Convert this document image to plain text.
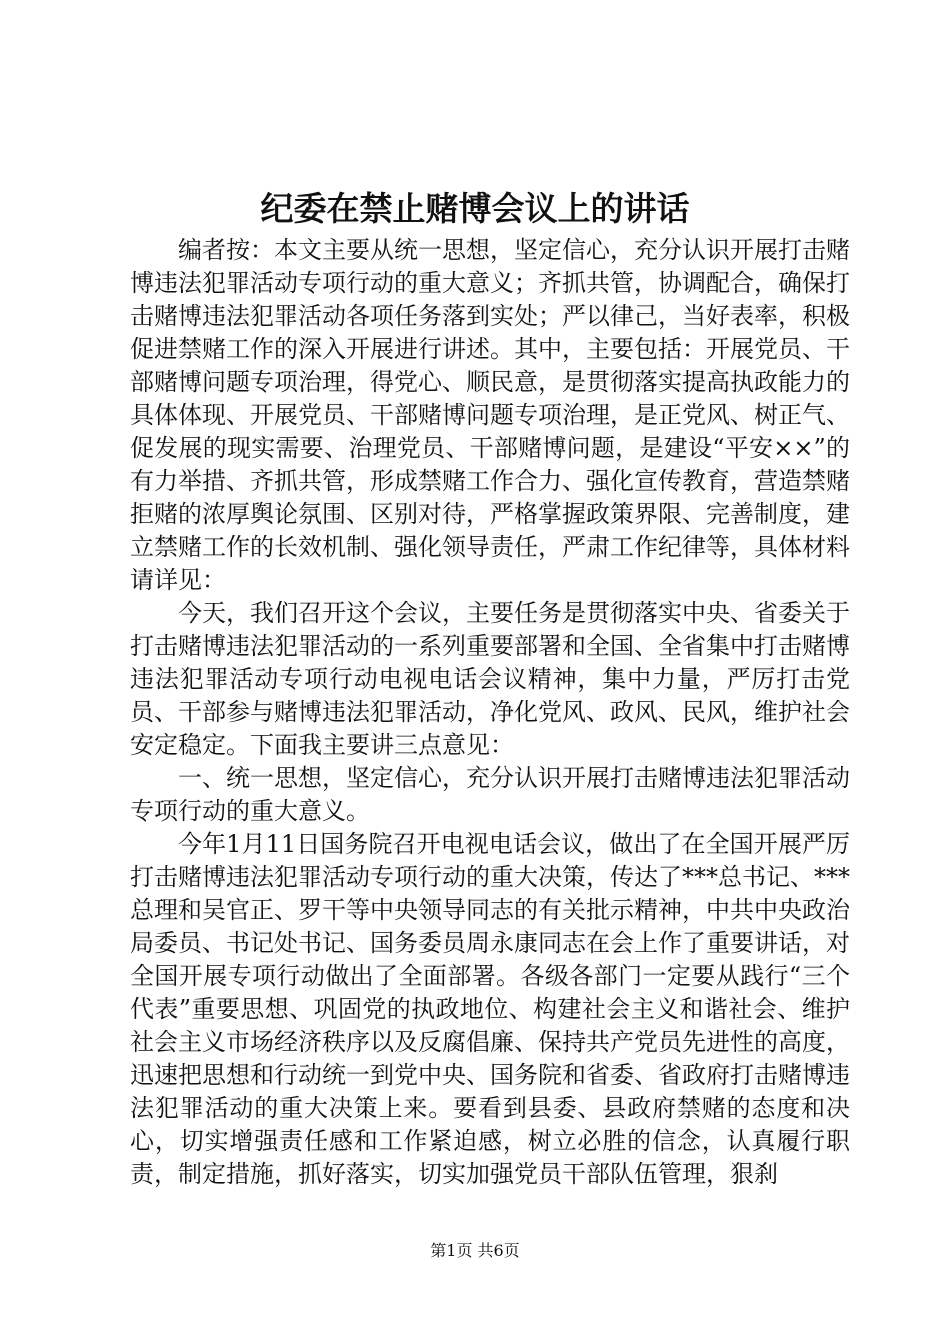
纪委在禁止赌博会议上的讲话

编者按：本文主要从统一思想，坚定信心，充分认识开展打击赌博违法犯罪活动专项行动的重大意义；齐抓共管，协调配合，确保打击赌博违法犯罪活动各项任务落到实处；严以律己，当好表率，积极促进禁赌工作的深入开展进行讲述。其中，主要包括：开展党员、干部赌博问题专项治理，得党心、顺民意，是贯彻落实提高执政能力的具体体现、开展党员、干部赌博问题专项治理，是正党风、树正气、促发展的现实需要、治理党员、干部赌博问题，是建设“平安××”的有力举措、齐抓共管，形成禁赌工作合力、强化宣传教育，营造禁赌拒赌的浓厚舆论氛围、区别对待，严格掌握政策界限、完善制度，建立禁赌工作的长效机制、强化领导责任，严肃工作纪律等，具体材料请详见：

今天，我们召开这个会议，主要任务是贯彻落实中央、省委关于打击赌博违法犯罪活动的一系列重要部署和全国、全省集中打击赌博违法犯罪活动专项行动电视电话会议精神，集中力量，严厉打击党员、干部参与赌博违法犯罪活动，净化党风、政风、民风，维护社会安定稳定。下面我主要讲三点意见：

一、统一思想，坚定信心，充分认识开展打击赌博违法犯罪活动专项行动的重大意义。

今年1月11日国务院召开电视电话会议，做出了在全国开展严厉打击赌博违法犯罪活动专项行动的重大决策，传达了***总书记、***总理和吴官正、罗干等中央领导同志的有关批示精神，中共中央政治局委员、书记处书记、国务委员周永康同志在会上作了重要讲话，对全国开展专项行动做出了全面部署。各级各部门一定要从践行“三个代表”重要思想、巩固党的执政地位、构建社会主义和谐社会、维护社会主义市场经济秩序以及反腐倡廉、保持共产党员先进性的高度，迅速把思想和行动统一到党中央、国务院和省委、省政府打击赌博违法犯罪活动的重大决策上来。要看到县委、县政府禁赌的态度和决心，切实增强责任感和工作紧迫感，树立必胜的信念，认真履行职责，制定措施，抓好落实，切实加强党员干部队伍管理，狠刹

第1页 共6页
